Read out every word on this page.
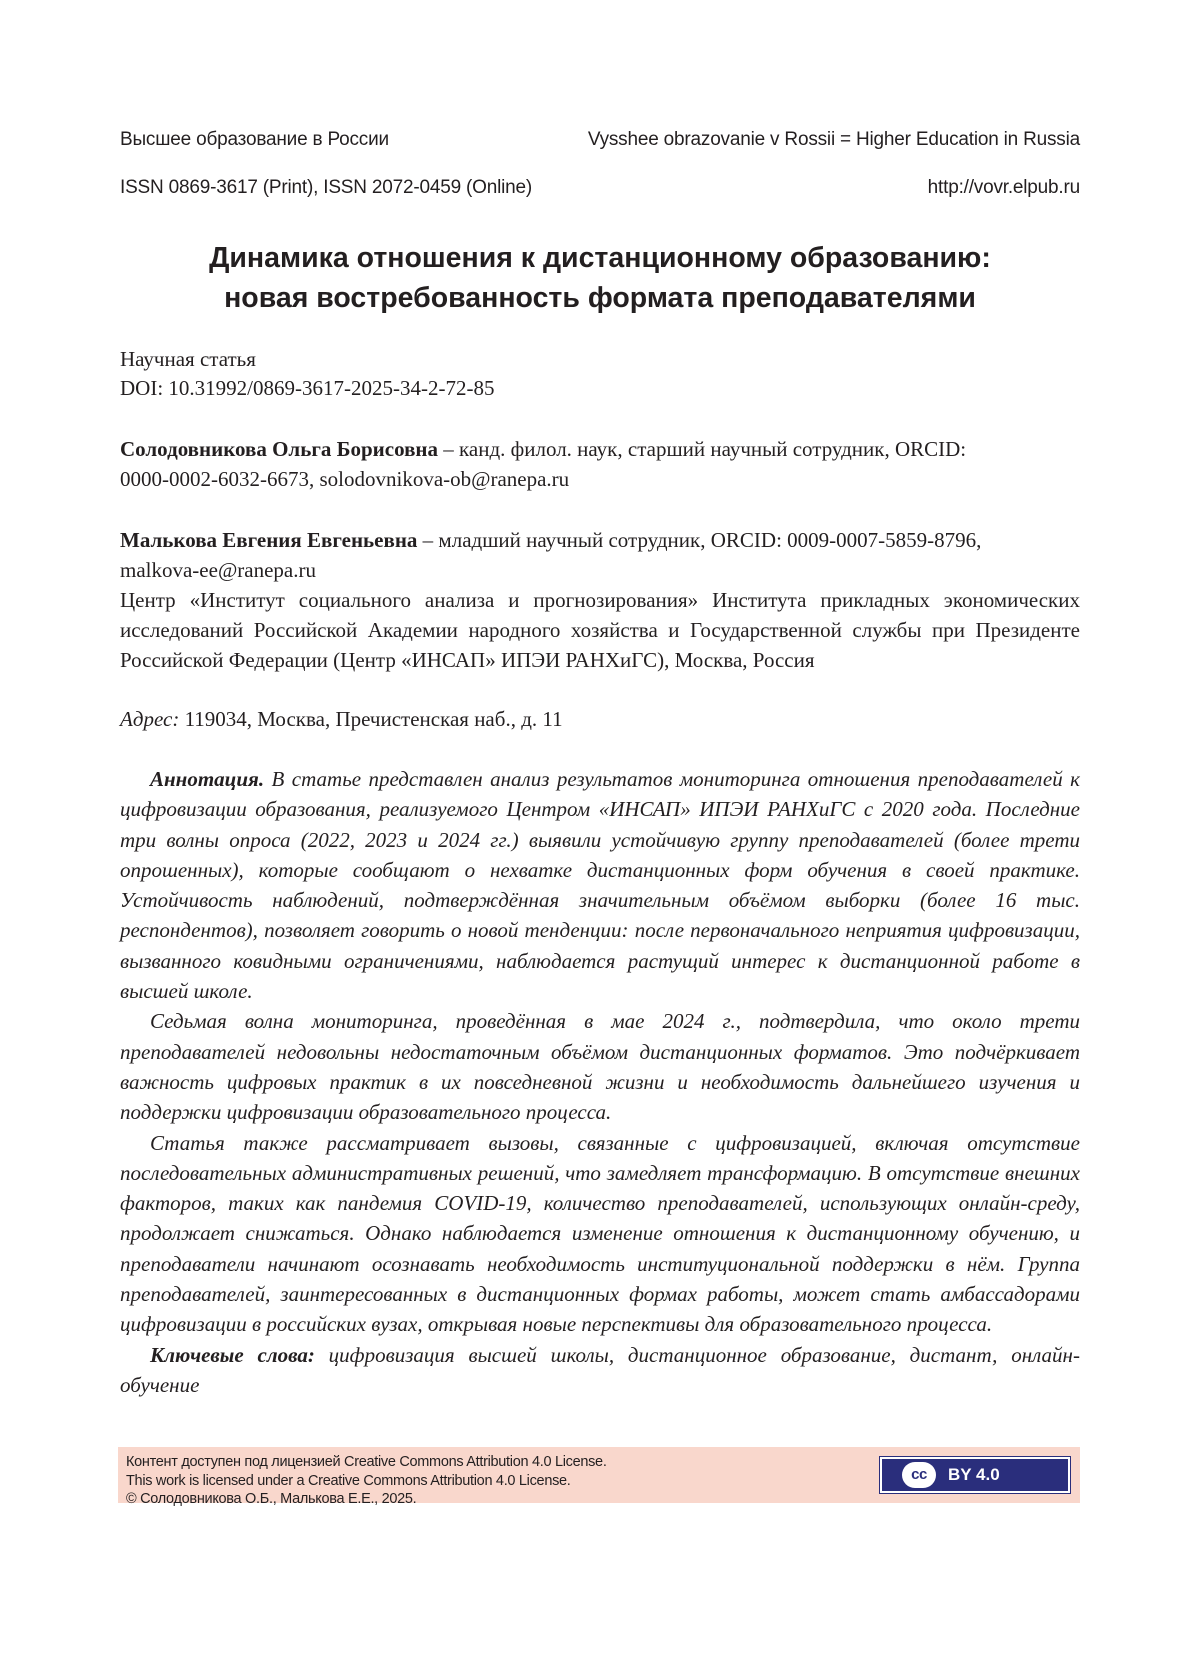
Высшее образование в России	Vysshee obrazovanie v Rossii = Higher Education in Russia
ISSN 0869-3617 (Print), ISSN 2072-0459 (Online)	http://vovr.elpub.ru
Динамика отношения к дистанционному образованию:
новая востребованность формата преподавателями
Научная статья
DOI: 10.31992/0869-3617-2025-34-2-72-85
Солодовникова Ольга Борисовна – канд. филол. наук, старший научный сотрудник, ORCID:
0000-0002-6032-6673, solodovnikova-ob@ranepa.ru
Малькова Евгения Евгеньевна – младший научный сотрудник, ORCID: 0009-0007-5859-8796,
malkova-ee@ranepa.ru
Центр «Институт социального анализа и прогнозирования» Института прикладных экономических исследований Российской Академии народного хозяйства и Государственной службы при Президенте Российской Федерации (Центр «ИНСАП» ИПЭИ РАНХиГС), Москва, Россия
Адрес: 119034, Москва, Пречистенская наб., д. 11

Аннотация. В статье представлен анализ результатов мониторинга отношения преподавателей к цифровизации образования, реализуемого Центром «ИНСАП» ИПЭИ РАНХиГС с 2020 года. Последние три волны опроса (2022, 2023 и 2024 гг.) выявили устойчивую группу преподавателей (более трети опрошенных), которые сообщают о нехватке дистанционных форм обучения в своей практике. Устойчивость наблюдений, подтверждённая значительным объёмом выборки (более 16 тыс. респондентов), позволяет говорить о новой тенденции: после первоначального неприятия цифровизации, вызванного ковидными ограничениями, наблюдается растущий интерес к дистанционной работе в высшей школе.

Седьмая волна мониторинга, проведённая в мае 2024 г., подтвердила, что около трети преподавателей недовольны недостаточным объёмом дистанционных форматов. Это подчёркивает важность цифровых практик в их повседневной жизни и необходимость дальнейшего изучения и поддержки цифровизации образовательного процесса.

Статья также рассматривает вызовы, связанные с цифровизацией, включая отсутствие последовательных административных решений, что замедляет трансформацию. В отсутствие внешних факторов, таких как пандемия COVID-19, количество преподавателей, использующих онлайн-среду, продолжает снижаться. Однако наблюдается изменение отношения к дистанционному обучению, и преподаватели начинают осознавать необходимость институциональной поддержки в нём. Группа преподавателей, заинтересованных в дистанционных формах работы, может стать амбассадорами цифровизации в российских вузах, открывая новые перспективы для образовательного процесса.

Ключевые слова: цифровизация высшей школы, дистанционное образование, дистант, онлайн-обучение

Контент доступен под лицензией Creative Commons Attribution 4.0 License.
This work is licensed under a Creative Commons Attribution 4.0 License.
© Солодовникова О.Б., Малькова Е.Е., 2025.
cc	BY 4.0
